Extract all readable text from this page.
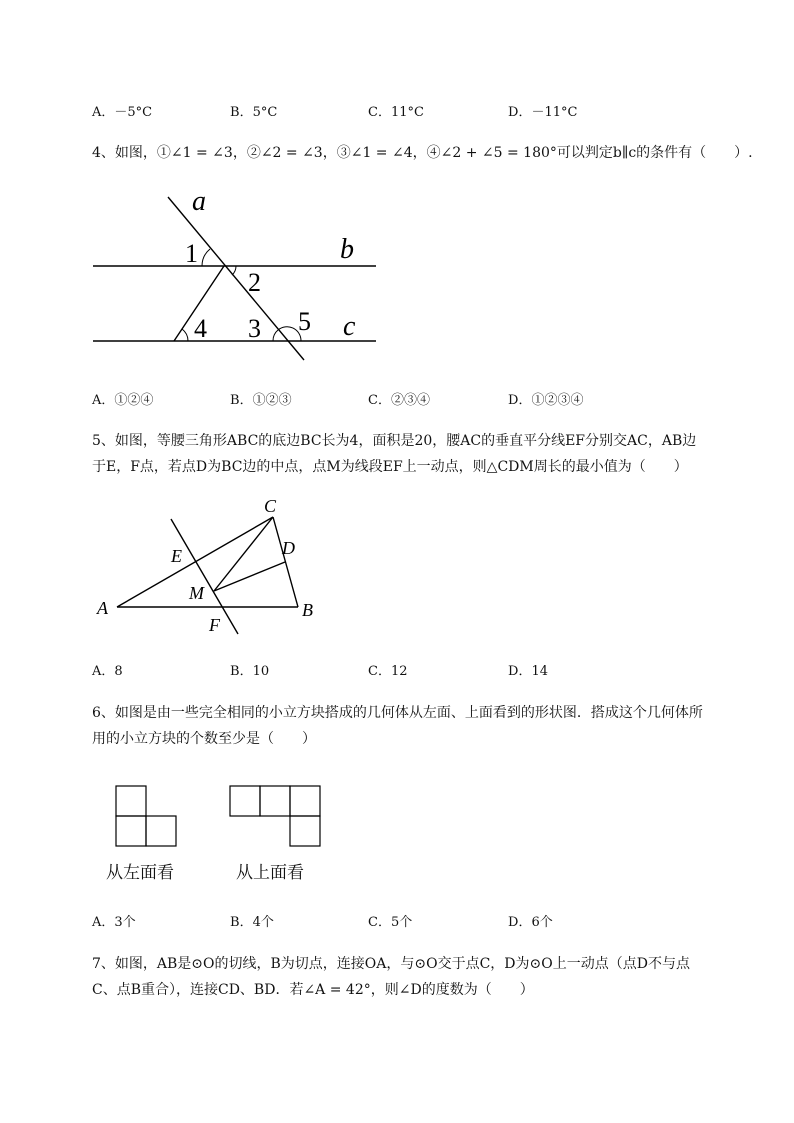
A．－5°C	B．5°C	C．11°C	D．－11°C
4、如图，①∠1 = ∠3，②∠2 = ∠3，③∠1 = ∠4，④∠2 + ∠5 = 180°可以判定b∥c的条件有（　　）.
a
b
c
1
2
3
4	5
A．①②④	B．①②③	C．②③④	D．①②③④
5、如图，等腰三角形ABC的底边BC长为4，面积是20，腰AC的垂直平分线EF分别交AC，AB边
于E，F点，若点D为BC边的中点，点M为线段EF上一动点，则△CDM周长的最小值为（　　）
A	B
C
D
E
F
M
A．8	B．10	C．12	D．14
6、如图是由一些完全相同的小立方块搭成的几何体从左面、上面看到的形状图．搭成这个几何体所
用的小立方块的个数至少是（　　）
从左面看	从上面看
A．3个	B．4个	C．5个	D．6个
7、如图，AB是⊙O的切线，B为切点，连接OA，与⊙O交于点C，D为⊙O上一动点（点D不与点
C、点B重合），连接CD、BD．若∠A = 42°，则∠D的度数为（　　）
